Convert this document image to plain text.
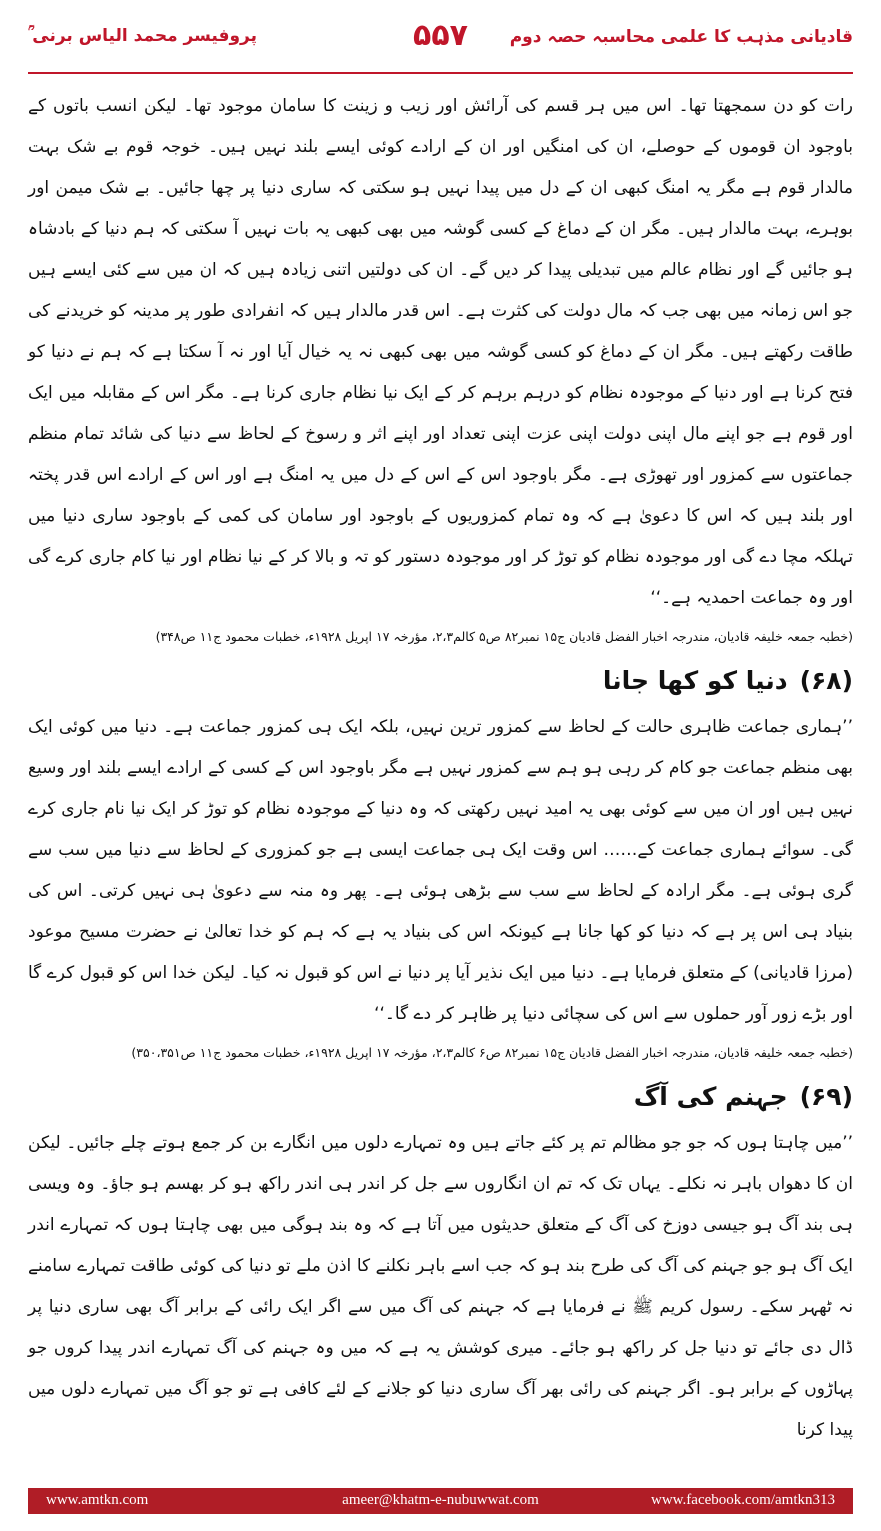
قادیانی مذہب کا علمی محاسبہ حصہ دوم
۵۵۷
پروفیسر محمد الیاس برنی ؒ

رات کو دن سمجھتا تھا۔ اس میں ہر قسم کی آرائش اور زیب و زینت کا سامان موجود تھا۔ لیکن انسب باتوں کے باوجود ان قوموں کے حوصلے، ان کی امنگیں اور ان کے ارادے کوئی ایسے بلند نہیں ہیں۔ خوجہ قوم بے شک بہت مالدار قوم ہے مگر یہ امنگ کبھی ان کے دل میں پیدا نہیں ہو سکتی کہ ساری دنیا پر چھا جائیں۔ بے شک میمن اور بوہرے، بہت مالدار ہیں۔ مگر ان کے دماغ کے کسی گوشہ میں بھی کبھی یہ بات نہیں آ سکتی کہ ہم دنیا کے بادشاہ ہو جائیں گے اور نظام عالم میں تبدیلی پیدا کر دیں گے۔ ان کی دولتیں اتنی زیادہ ہیں کہ ان میں سے کئی ایسے ہیں جو اس زمانہ میں بھی جب کہ مال دولت کی کثرت ہے۔ اس قدر مالدار ہیں کہ انفرادی طور پر مدینہ کو خریدنے کی طاقت رکھتے ہیں۔ مگر ان کے دماغ کو کسی گوشہ میں بھی کبھی نہ یہ خیال آیا اور نہ آ سکتا ہے کہ ہم نے دنیا کو فتح کرنا ہے اور دنیا کے موجودہ نظام کو درہم برہم کر کے ایک نیا نظام جاری کرنا ہے۔ مگر اس کے مقابلہ میں ایک اور قوم ہے جو اپنے مال اپنی دولت اپنی عزت اپنی تعداد اور اپنے اثر و رسوخ کے لحاظ سے دنیا کی شائد تمام منظم جماعتوں سے کمزور اور تھوڑی ہے۔ مگر باوجود اس کے اس کے دل میں یہ امنگ ہے اور اس کے ارادے اس قدر پختہ اور بلند ہیں کہ اس کا دعویٰ ہے کہ وہ تمام کمزوریوں کے باوجود اور سامان کی کمی کے باوجود ساری دنیا میں تہلکہ مچا دے گی اور موجودہ نظام کو توڑ کر اور موجودہ دستور کو تہ و بالا کر کے نیا نظام اور نیا کام جاری کرے گی اور وہ جماعت احمدیہ ہے۔‘‘

(خطبہ جمعہ خلیفہ قادیان، مندرجہ اخبار الفضل قادیان ج۱۵ نمبر۸۲ ص۵ کالم۲،۳، مؤرخہ ۱۷ اپریل ۱۹۲۸ء، خطبات محمود ج۱۱ ص۳۴۸)
(۶۸)دنیا کو کھا جانا

’’ہماری جماعت ظاہری حالت کے لحاظ سے کمزور ترین نہیں، بلکہ ایک ہی کمزور جماعت ہے۔ دنیا میں کوئی ایک بھی منظم جماعت جو کام کر رہی ہو ہم سے کمزور نہیں ہے مگر باوجود اس کے کسی کے ارادے ایسے بلند اور وسیع نہیں ہیں اور ان میں سے کوئی بھی یہ امید نہیں رکھتی کہ وہ دنیا کے موجودہ نظام کو توڑ کر ایک نیا نام جاری کرے گی۔ سوائے ہماری جماعت کے…… اس وقت ایک ہی جماعت ایسی ہے جو کمزوری کے لحاظ سے دنیا میں سب سے گری ہوئی ہے۔ مگر ارادہ کے لحاظ سے سب سے بڑھی ہوئی ہے۔ پھر وہ منہ سے دعویٰ ہی نہیں کرتی۔ اس کی بنیاد ہی اس پر ہے کہ دنیا کو کھا جانا ہے کیونکہ اس کی بنیاد یہ ہے کہ ہم کو خدا تعالیٰ نے حضرت مسیح موعود (مرزا قادیانی) کے متعلق فرمایا ہے۔ دنیا میں ایک نذیر آیا پر دنیا نے اس کو قبول نہ کیا۔ لیکن خدا اس کو قبول کرے گا اور بڑے زور آور حملوں سے اس کی سچائی دنیا پر ظاہر کر دے گا۔‘‘

(خطبہ جمعہ خلیفہ قادیان، مندرجہ اخبار الفضل قادیان ج۱۵ نمبر۸۲ ص۶ کالم۲،۳، مؤرخہ ۱۷ اپریل ۱۹۲۸ء، خطبات محمود ج۱۱ ص۳۵۰،۳۵۱)
(۶۹)جہنم کی آگ

’’میں چاہتا ہوں کہ جو جو مظالم تم پر کئے جاتے ہیں وہ تمہارے دلوں میں انگارے بن کر جمع ہوتے چلے جائیں۔ لیکن ان کا دھواں باہر نہ نکلے۔ یہاں تک کہ تم ان انگاروں سے جل کر اندر ہی اندر راکھ ہو کر بھسم ہو جاؤ۔ وہ ویسی ہی بند آگ ہو جیسی دوزخ کی آگ کے متعلق حدیثوں میں آتا ہے کہ وہ بند ہوگی میں بھی چاہتا ہوں کہ تمہارے اندر ایک آگ ہو جو جہنم کی آگ کی طرح بند ہو کہ جب اسے باہر نکلنے کا اذن ملے تو دنیا کی کوئی طاقت تمہارے سامنے نہ ٹھہر سکے۔ رسول کریم ﷺ نے فرمایا ہے کہ جہنم کی آگ میں سے اگر ایک رائی کے برابر آگ بھی ساری دنیا پر ڈال دی جائے تو دنیا جل کر راکھ ہو جائے۔ میری کوشش یہ ہے کہ میں وہ جہنم کی آگ تمہارے اندر پیدا کروں جو پہاڑوں کے برابر ہو۔ اگر جہنم کی رائی بھر آگ ساری دنیا کو جلانے کے لئے کافی ہے تو جو آگ میں تمہارے دلوں میں پیدا کرنا

www.amtkn.com	ameer@khatm-e-nubuwwat.com	www.facebook.com/amtkn313
